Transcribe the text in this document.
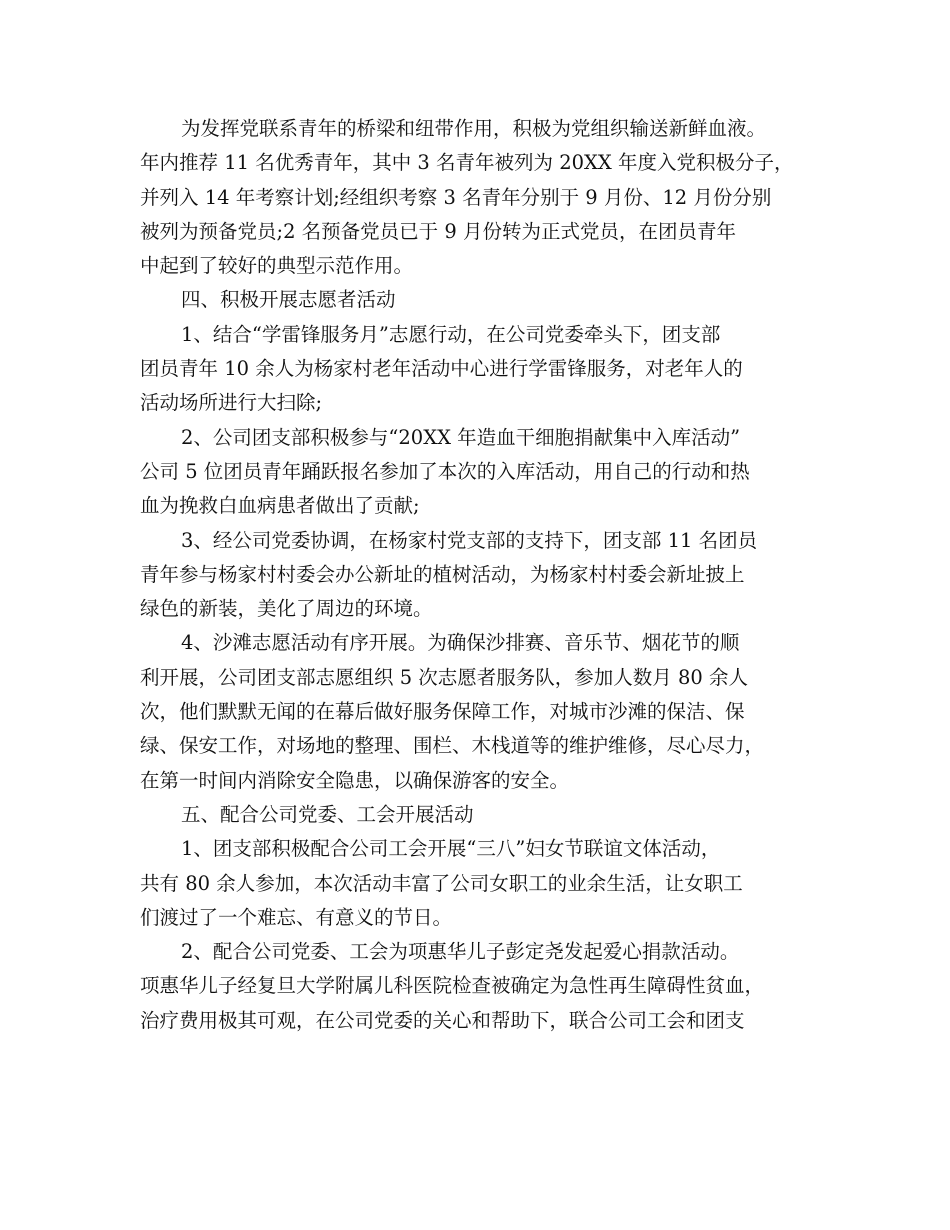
为发挥党联系青年的桥梁和纽带作用，积极为党组织输送新鲜血液。
年内推荐 11 名优秀青年，其中 3 名青年被列为 20XX 年度入党积极分子，
并列入 14 年考察计划;经组织考察 3 名青年分别于 9 月份、12 月份分别
被列为预备党员;2 名预备党员已于 9 月份转为正式党员，在团员青年
中起到了较好的典型示范作用。
四、积极开展志愿者活动
1、结合“学雷锋服务月”志愿行动，在公司党委牵头下，团支部
团员青年 10 余人为杨家村老年活动中心进行学雷锋服务，对老年人的
活动场所进行大扫除;
2、公司团支部积极参与“20XX 年造血干细胞捐献集中入库活动”
公司 5 位团员青年踊跃报名参加了本次的入库活动，用自己的行动和热
血为挽救白血病患者做出了贡献;
3、经公司党委协调，在杨家村党支部的支持下，团支部 11 名团员
青年参与杨家村村委会办公新址的植树活动，为杨家村村委会新址披上
绿色的新装，美化了周边的环境。
4、沙滩志愿活动有序开展。为确保沙排赛、音乐节、烟花节的顺
利开展，公司团支部志愿组织 5 次志愿者服务队，参加人数月 80 余人
次，他们默默无闻的在幕后做好服务保障工作，对城市沙滩的保洁、保
绿、保安工作，对场地的整理、围栏、木栈道等的维护维修，尽心尽力，
在第一时间内消除安全隐患，以确保游客的安全。
五、配合公司党委、工会开展活动
1、团支部积极配合公司工会开展“三八”妇女节联谊文体活动，
共有 80 余人参加，本次活动丰富了公司女职工的业余生活，让女职工
们渡过了一个难忘、有意义的节日。
2、配合公司党委、工会为项惠华儿子彭定尧发起爱心捐款活动。
项惠华儿子经复旦大学附属儿科医院检查被确定为急性再生障碍性贫血，
治疗费用极其可观，在公司党委的关心和帮助下，联合公司工会和团支
